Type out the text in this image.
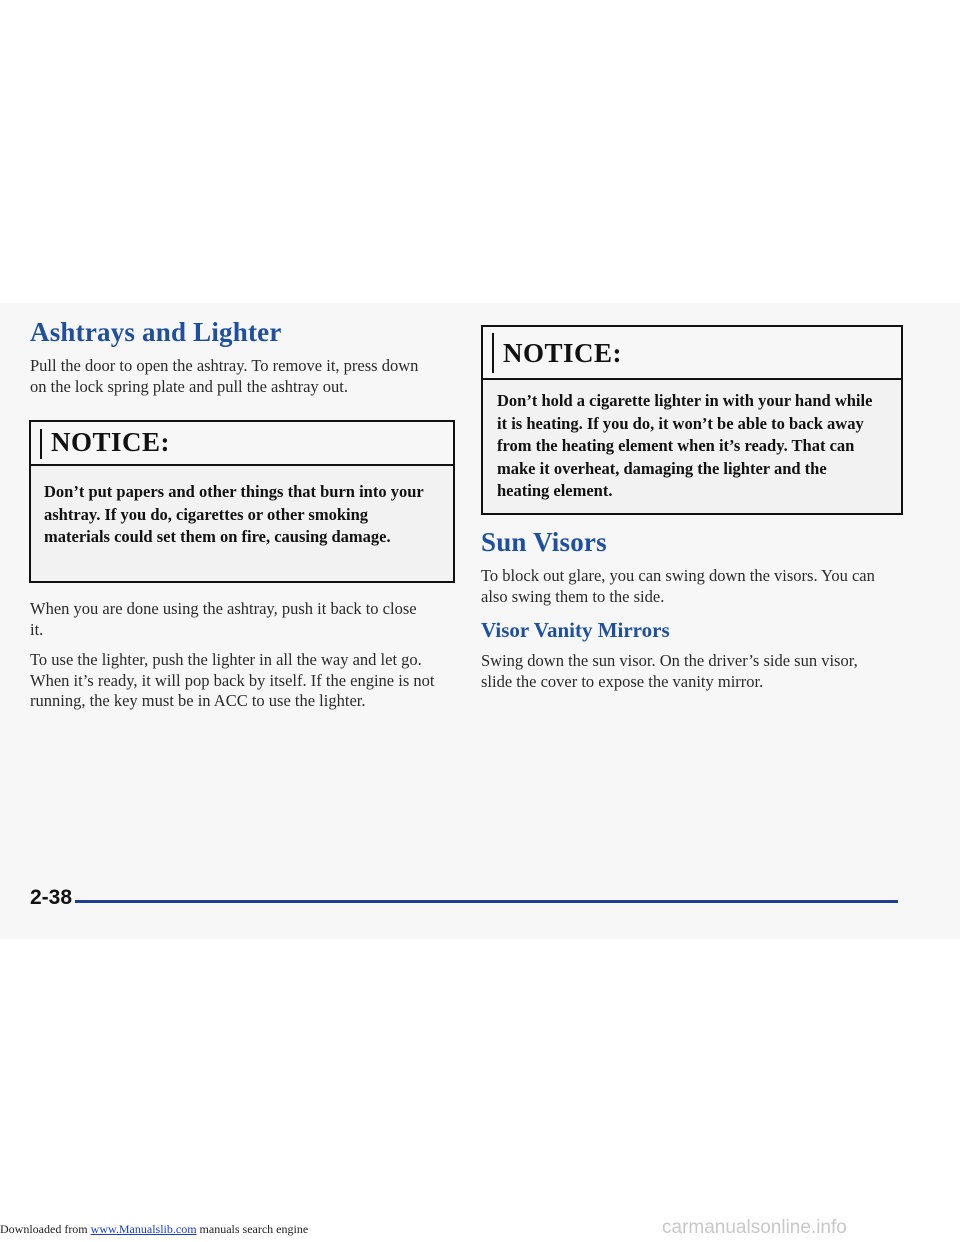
Ashtrays and Lighter

Pull the door to open the ashtray. To remove it, press down on the lock spring plate and pull the ashtray out.

NOTICE:

Don’t put papers and other things that burn into your ashtray. If you do, cigarettes or other smoking materials could set them on fire, causing damage.

When you are done using the ashtray, push it back to close it.

To use the lighter, push the lighter in all the way and let go. When it’s ready, it will pop back by itself. If the engine is not running, the key must be in ACC to use the lighter.

NOTICE:

Don’t hold a cigarette lighter in with your hand while it is heating. If you do, it won’t be able to back away from the heating element when it’s ready. That can make it overheat, damaging the lighter and the heating element.

Sun Visors

To block out glare, you can swing down the visors. You can also swing them to the side.

Visor Vanity Mirrors

Swing down the sun visor. On the driver’s side sun visor, slide the cover to expose the vanity mirror.

2-38
Downloaded from www.Manualslib.com manuals search engine	carmanualsonline.info
